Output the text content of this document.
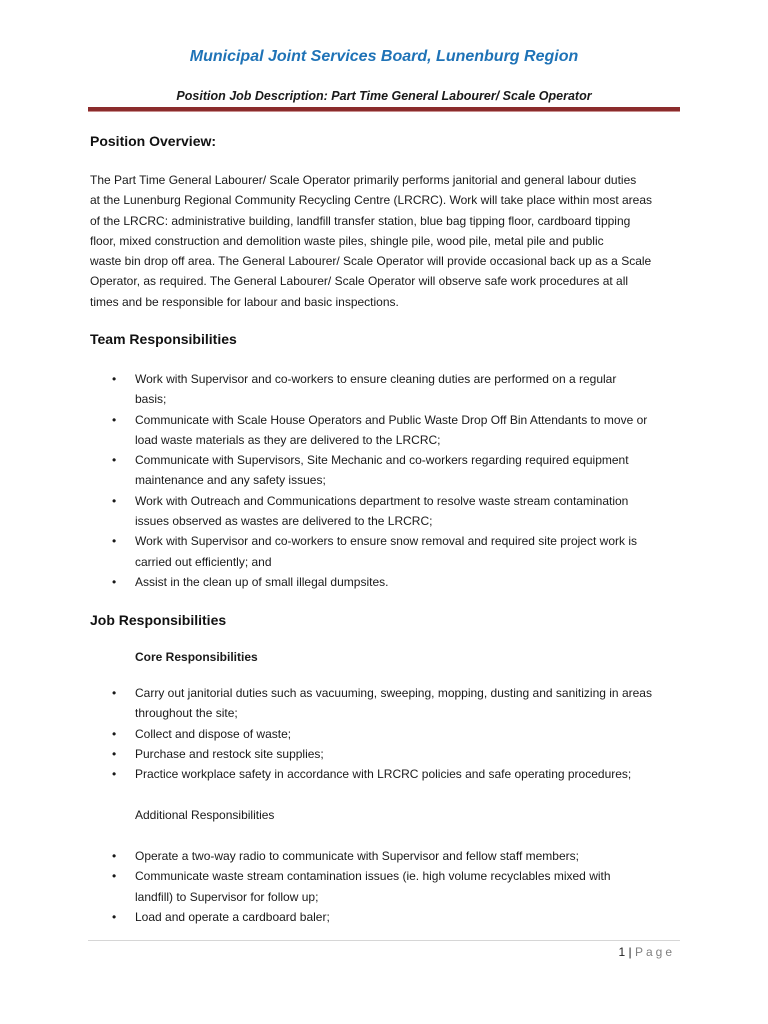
Municipal Joint Services Board, Lunenburg Region
Position Job Description: Part Time General Labourer/ Scale Operator
Position Overview:

The Part Time General Labourer/ Scale Operator primarily performs janitorial and general labour duties
at the Lunenburg Regional Community Recycling Centre (LRCRC). Work will take place within most areas
of the LRCRC: administrative building, landfill transfer station, blue bag tipping floor, cardboard tipping
floor, mixed construction and demolition waste piles, shingle pile, wood pile, metal pile and public
waste bin drop off area. The General Labourer/ Scale Operator will provide occasional back up as a Scale
Operator, as required. The General Labourer/ Scale Operator will observe safe work procedures at all
times and be responsible for labour and basic inspections.

Team Responsibilities
• Work with Supervisor and co-workers to ensure cleaning duties are performed on a regular
basis;
• Communicate with Scale House Operators and Public Waste Drop Off Bin Attendants to move or
load waste materials as they are delivered to the LRCRC;
• Communicate with Supervisors, Site Mechanic and co-workers regarding required equipment
maintenance and any safety issues;
• Work with Outreach and Communications department to resolve waste stream contamination
issues observed as wastes are delivered to the LRCRC;
• Work with Supervisor and co-workers to ensure snow removal and required site project work is
carried out efficiently; and
• Assist in the clean up of small illegal dumpsites.
Job Responsibilities
Core Responsibilities
• Carry out janitorial duties such as vacuuming, sweeping, mopping, dusting and sanitizing in areas
throughout the site;
• Collect and dispose of waste;
• Purchase and restock site supplies;
• Practice workplace safety in accordance with LRCRC policies and safe operating procedures;
Additional Responsibilities
• Operate a two-way radio to communicate with Supervisor and fellow staff members;
• Communicate waste stream contamination issues (ie. high volume recyclables mixed with
landfill) to Supervisor for follow up;
• Load and operate a cardboard baler;
1 | Page
